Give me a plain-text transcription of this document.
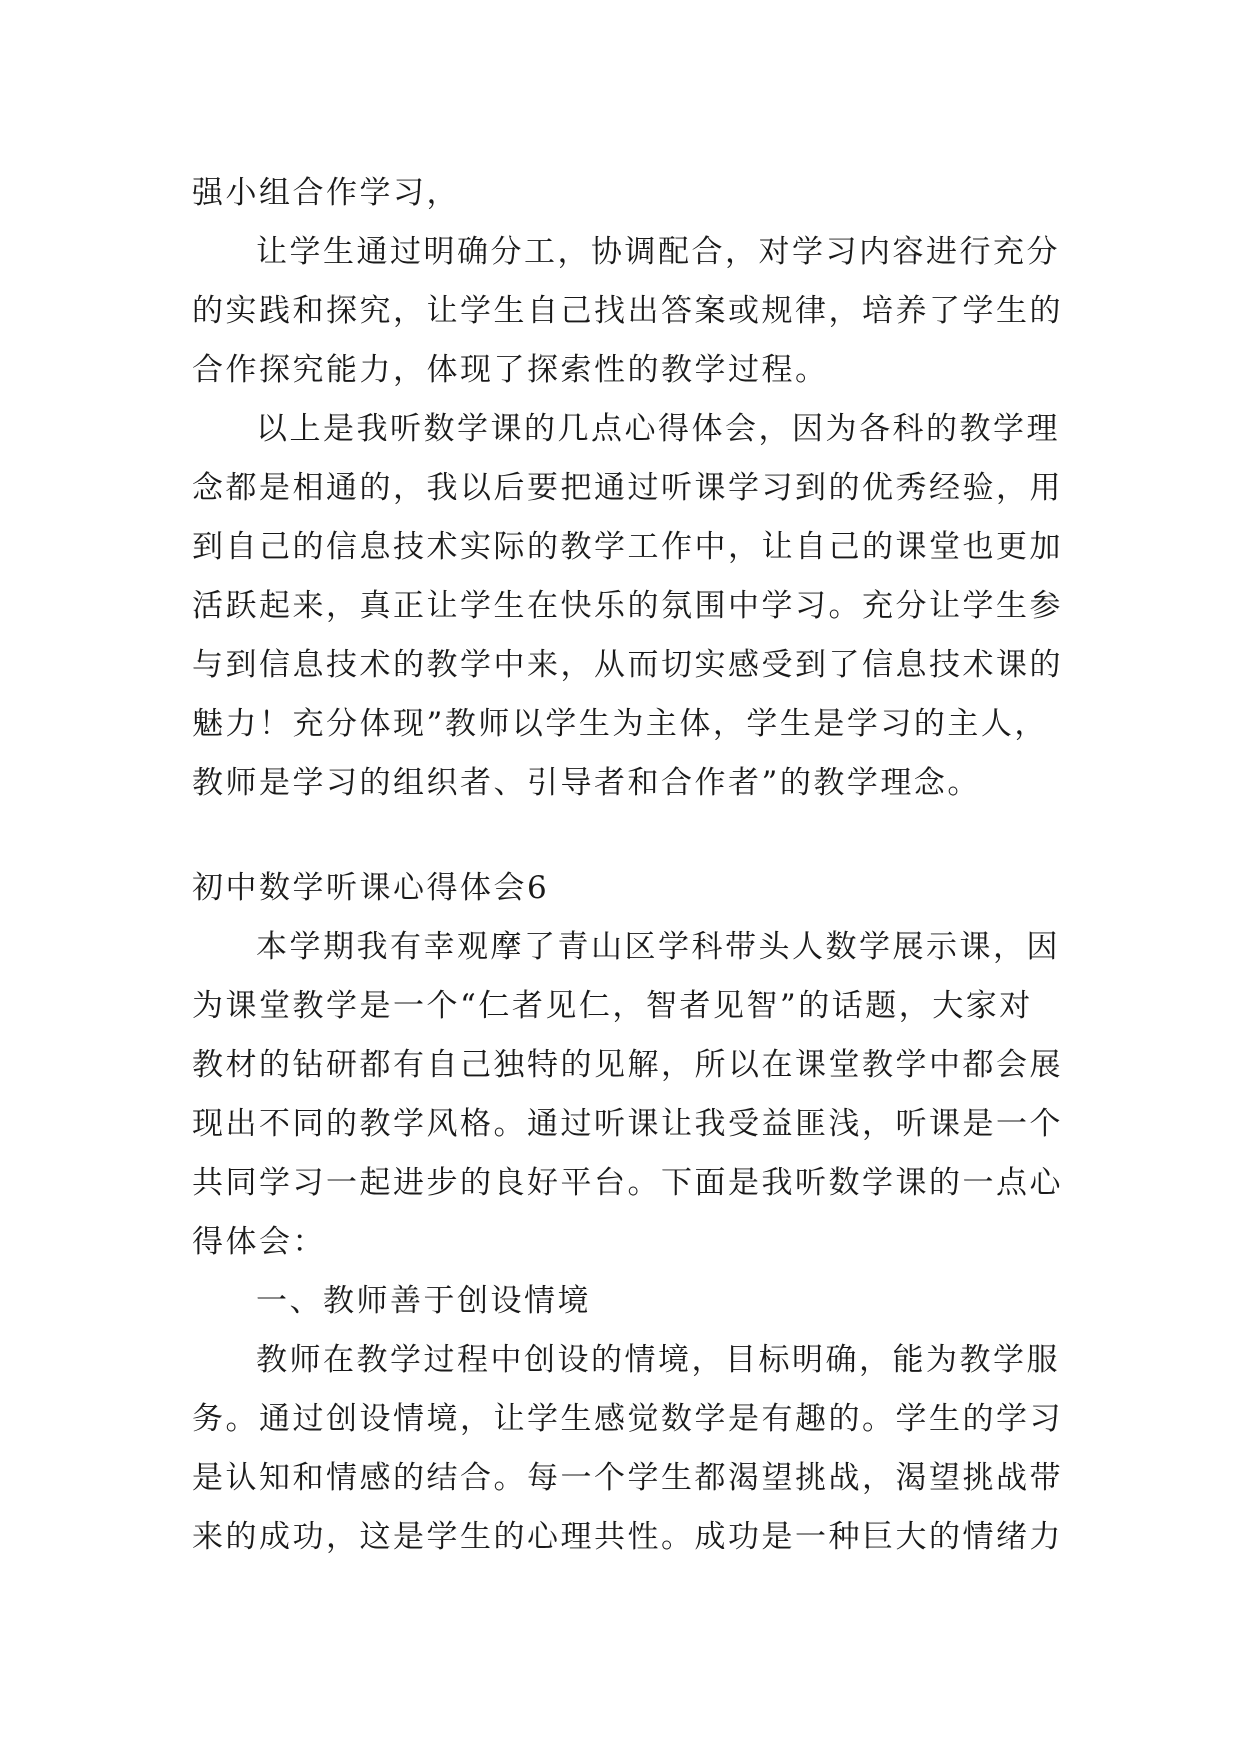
强小组合作学习，
让学生通过明确分工，协调配合，对学习内容进行充分
的实践和探究，让学生自己找出答案或规律，培养了学生的
合作探究能力，体现了探索性的教学过程。
以上是我听数学课的几点心得体会，因为各科的教学理
念都是相通的，我以后要把通过听课学习到的优秀经验，用
到自己的信息技术实际的教学工作中，让自己的课堂也更加
活跃起来，真正让学生在快乐的氛围中学习。充分让学生参
与到信息技术的教学中来，从而切实感受到了信息技术课的
魅力！充分体现”教师以学生为主体，学生是学习的主人，
教师是学习的组织者、引导者和合作者”的教学理念。
初中数学听课心得体会6
本学期我有幸观摩了青山区学科带头人数学展示课，因
为课堂教学是一个“仁者见仁，智者见智”的话题，大家对
教材的钻研都有自己独特的见解，所以在课堂教学中都会展
现出不同的教学风格。通过听课让我受益匪浅，听课是一个
共同学习一起进步的良好平台。下面是我听数学课的一点心
得体会：
一、教师善于创设情境
教师在教学过程中创设的情境，目标明确，能为教学服
务。通过创设情境，让学生感觉数学是有趣的。学生的学习
是认知和情感的结合。每一个学生都渴望挑战，渴望挑战带
来的成功，这是学生的心理共性。成功是一种巨大的情绪力
